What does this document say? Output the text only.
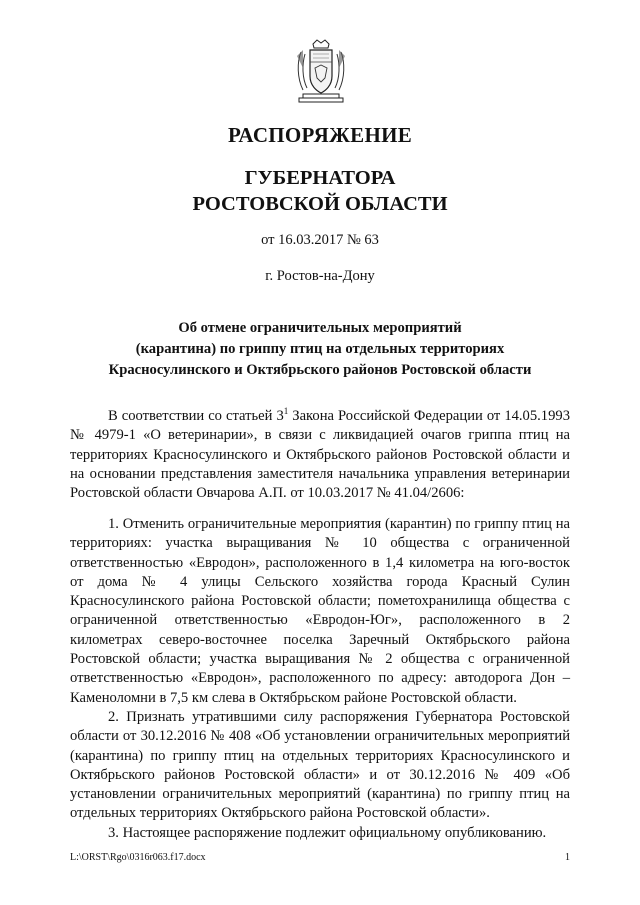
РАСПОРЯЖЕНИЕ
ГУБЕРНАТОРА
РОСТОВСКОЙ ОБЛАСТИ
от 16.03.2017 № 63
г. Ростов-на-Дону
Об отмене ограничительных мероприятий
(карантина) по гриппу птиц на отдельных территориях
Красносулинского и Октябрьского районов Ростовской области

В соответствии со статьей $3^1$ Закона Российской Федерации от 14.05.1993 № 4979-1 «О ветеринарии», в связи с ликвидацией очагов гриппа птиц на территориях Красносулинского и Октябрьского районов Ростовской области и на основании представления заместителя начальника управления ветеринарии Ростовской области Овчарова А.П. от 10.03.2017 № 41.04/2606:

1. Отменить ограничительные мероприятия (карантин) по гриппу птиц на территориях: участка выращивания № 10 общества с ограниченной ответственностью «Евродон», расположенного в 1,4 километра на юго-восток от дома № 4 улицы Сельского хозяйства города Красный Сулин Красносулинского района Ростовской области; пометохранилища общества с ограниченной ответственностью «Евродон-Юг», расположенного в 2 километрах северо-восточнее поселка Заречный Октябрьского района Ростовской области; участка выращивания № 2 общества с ограниченной ответственностью «Евродон», расположенного по адресу: автодорога Дон – Каменоломни в 7,5 км слева в Октябрьском районе Ростовской области.

2. Признать утратившими силу распоряжения Губернатора Ростовской области от 30.12.2016 № 408 «Об установлении ограничительных мероприятий (карантина) по гриппу птиц на отдельных территориях Красносулинского и Октябрьского районов Ростовской области» и от 30.12.2016 № 409 «Об установлении ограничительных мероприятий (карантина) по гриппу птиц на отдельных территориях Октябрьского района Ростовской области».

3. Настоящее распоряжение подлежит официальному опубликованию.

L:\ORST\Rgo\0316r063.f17.docx	1
